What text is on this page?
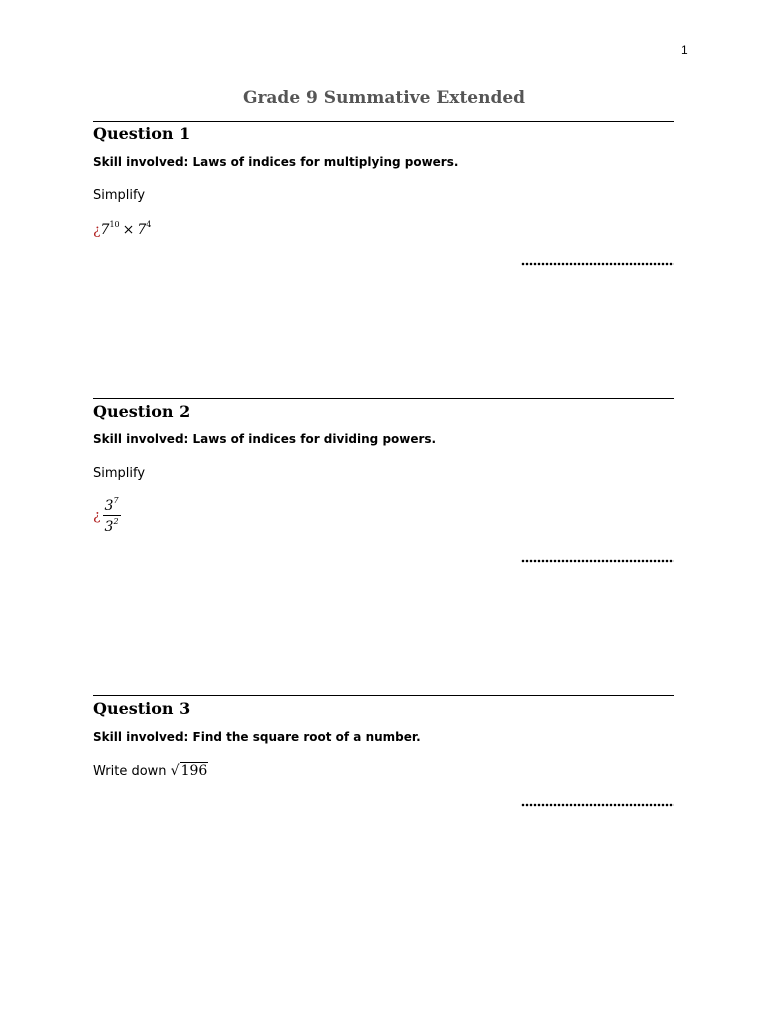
1
Grade 9 Summative Extended
Question 1
Skill involved: Laws of indices for multiplying powers.
Simplify
¿$7^{10} \times 7^4$
Question 2
Skill involved: Laws of indices for dividing powers.
Simplify
¿ $\frac{3^7}{3^2}$
Question 3
Skill involved: Find the square root of a number.
Write down √196
